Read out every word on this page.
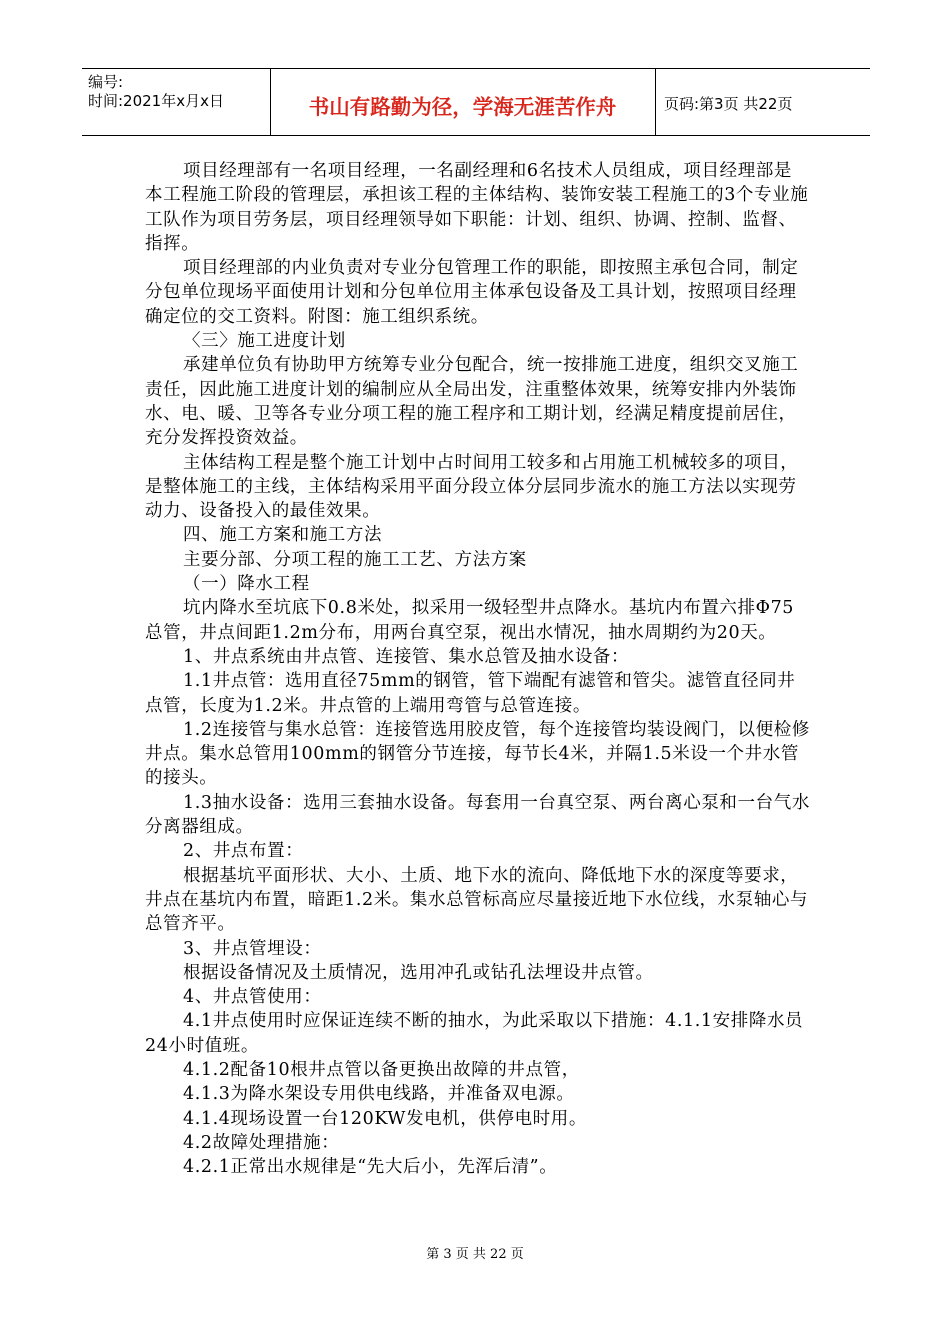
编号:
时间:2021年x月x日	书山有路勤为径，学海无涯苦作舟	页码:第3页 共22页

项目经理部有一名项目经理，一名副经理和6名技术人员组成，项目经理部是本工程施工阶段的管理层，承担该工程的主体结构、装饰安装工程施工的3个专业施工队作为项目劳务层，项目经理领导如下职能：计划、组织、协调、控制、监督、指挥。

项目经理部的内业负责对专业分包管理工作的职能，即按照主承包合同，制定分包单位现场平面使用计划和分包单位用主体承包设备及工具计划，按照项目经理确定位的交工资料。附图：施工组织系统。

〈三〉施工进度计划

承建单位负有协助甲方统筹专业分包配合，统一按排施工进度，组织交叉施工责任，因此施工进度计划的编制应从全局出发，注重整体效果，统筹安排内外装饰水、电、暖、卫等各专业分项工程的施工程序和工期计划，经满足精度提前居住，充分发挥投资效益。

主体结构工程是整个施工计划中占时间用工较多和占用施工机械较多的项目，是整体施工的主线，主体结构采用平面分段立体分层同步流水的施工方法以实现劳动力、设备投入的最佳效果。

四、施工方案和施工方法

主要分部、分项工程的施工工艺、方法方案

（一）降水工程

坑内降水至坑底下0.8米处，拟采用一级轻型井点降水。基坑内布置六排Φ75总管，井点间距1.2m分布，用两台真空泵，视出水情况，抽水周期约为20天。

1、井点系统由井点管、连接管、集水总管及抽水设备：

1.1井点管：选用直径75mm的钢管，管下端配有滤管和管尖。滤管直径同井点管，长度为1.2米。井点管的上端用弯管与总管连接。

1.2连接管与集水总管：连接管选用胶皮管，每个连接管均装设阀门，以便检修井点。集水总管用100mm的钢管分节连接，每节长4米，并隔1.5米设一个井水管的接头。

1.3抽水设备：选用三套抽水设备。每套用一台真空泵、两台离心泵和一台气水分离器组成。

2、井点布置：

根据基坑平面形状、大小、土质、地下水的流向、降低地下水的深度等要求，井点在基坑内布置，暗距1.2米。集水总管标高应尽量接近地下水位线，水泵轴心与总管齐平。

3、井点管埋设：

根据设备情况及土质情况，选用冲孔或钻孔法埋设井点管。

4、井点管使用：

4.1井点使用时应保证连续不断的抽水，为此采取以下措施：4.1.1安排降水员24小时值班。

4.1.2配备10根井点管以备更换出故障的井点管，

4.1.3为降水架设专用供电线路，并准备双电源。

4.1.4现场设置一台120KW发电机，供停电时用。

4.2故障处理措施：

4.2.1正常出水规律是“先大后小，先浑后清”。

第 3 页 共 22 页
